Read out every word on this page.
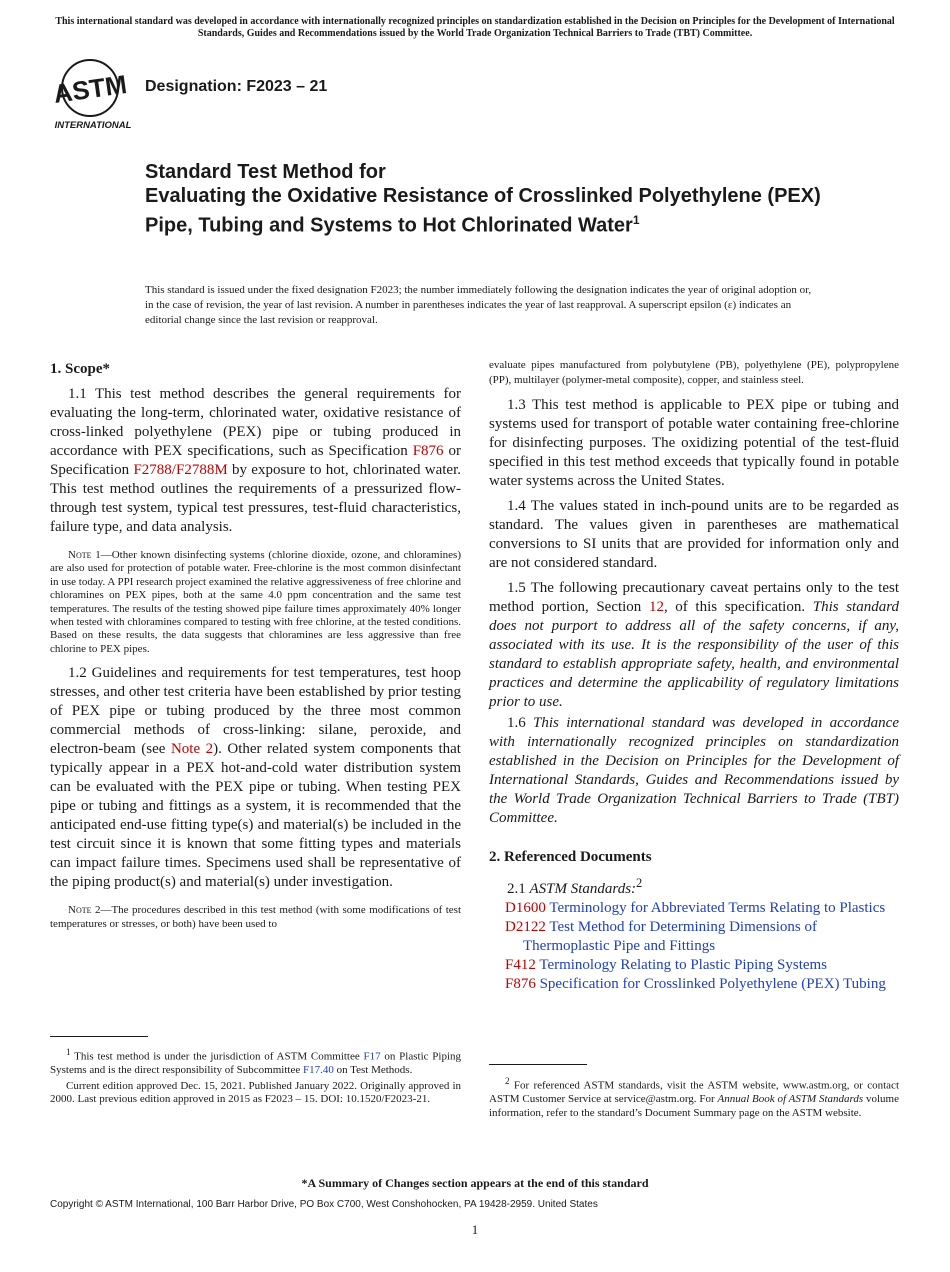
This international standard was developed in accordance with internationally recognized principles on standardization established in the Decision on Principles for the Development of International Standards, Guides and Recommendations issued by the World Trade Organization Technical Barriers to Trade (TBT) Committee.
ASTM
INTERNATIONAL
Designation: F2023 – 21
Standard Test Method for
Evaluating the Oxidative Resistance of Crosslinked Polyethylene (PEX) Pipe, Tubing and Systems to Hot Chlorinated Water$^1$
This standard is issued under the fixed designation F2023; the number immediately following the designation indicates the year of original adoption or, in the case of revision, the year of last revision. A number in parentheses indicates the year of last reapproval. A superscript epsilon (ε) indicates an editorial change since the last revision or reapproval.
1. Scope*

1.1 This test method describes the general requirements for evaluating the long-term, chlorinated water, oxidative resistance of cross-linked polyethylene (PEX) pipe or tubing produced in accordance with PEX specifications, such as Specification F876 or Specification F2788/F2788M by exposure to hot, chlorinated water. This test method outlines the requirements of a pressurized flow-through test system, typical test pressures, test-fluid characteristics, failure type, and data analysis.

Note 1—Other known disinfecting systems (chlorine dioxide, ozone, and chloramines) are also used for protection of potable water. Free-chlorine is the most common disinfectant in use today. A PPI research project examined the relative aggressiveness of free chlorine and chloramines on PEX pipes, both at the same 4.0 ppm concentration and the same test temperatures. The results of the testing showed pipe failure times approximately 40% longer when tested with chloramines compared to testing with free chlorine, at the tested conditions. Based on these results, the data suggests that chloramines are less aggressive than free chlorine to PEX pipes.

1.2 Guidelines and requirements for test temperatures, test hoop stresses, and other test criteria have been established by prior testing of PEX pipe or tubing produced by the three most common commercial methods of cross-linking: silane, peroxide, and electron-beam (see Note 2). Other related system components that typically appear in a PEX hot-and-cold water distribution system can be evaluated with the PEX pipe or tubing. When testing PEX pipe or tubing and fittings as a system, it is recommended that the anticipated end-use fitting type(s) and material(s) be included in the test circuit since it is known that some fitting types and materials can impact failure times. Specimens used shall be representative of the piping product(s) and material(s) under investigation.

Note 2—The procedures described in this test method (with some modifications of test temperatures or stresses, or both) have been used to

$^1$ This test method is under the jurisdiction of ASTM Committee F17 on Plastic Piping Systems and is the direct responsibility of Subcommittee F17.40 on Test Methods.

Current edition approved Dec. 15, 2021. Published January 2022. Originally approved in 2000. Last previous edition approved in 2015 as F2023 – 15. DOI: 10.1520/F2023-21.

evaluate pipes manufactured from polybutylene (PB), polyethylene (PE), polypropylene (PP), multilayer (polymer-metal composite), copper, and stainless steel.

1.3 This test method is applicable to PEX pipe or tubing and systems used for transport of potable water containing free-chlorine for disinfecting purposes. The oxidizing potential of the test-fluid specified in this test method exceeds that typically found in potable water systems across the United States.

1.4 The values stated in inch-pound units are to be regarded as standard. The values given in parentheses are mathematical conversions to SI units that are provided for information only and are not considered standard.

1.5 The following precautionary caveat pertains only to the test method portion, Section 12, of this specification. This standard does not purport to address all of the safety concerns, if any, associated with its use. It is the responsibility of the user of this standard to establish appropriate safety, health, and environmental practices and determine the applicability of regulatory limitations prior to use.

1.6 This international standard was developed in accordance with internationally recognized principles on standardization established in the Decision on Principles for the Development of International Standards, Guides and Recommendations issued by the World Trade Organization Technical Barriers to Trade (TBT) Committee.

2. Referenced Documents

2.1 ASTM Standards:$^2$

D1600 Terminology for Abbreviated Terms Relating to Plastics

D2122 Test Method for Determining Dimensions of Thermoplastic Pipe and Fittings

F412 Terminology Relating to Plastic Piping Systems

F876 Specification for Crosslinked Polyethylene (PEX) Tubing

$^2$ For referenced ASTM standards, visit the ASTM website, www.astm.org, or contact ASTM Customer Service at service@astm.org. For Annual Book of ASTM Standards volume information, refer to the standard’s Document Summary page on the ASTM website.

*A Summary of Changes section appears at the end of this standard
Copyright © ASTM International, 100 Barr Harbor Drive, PO Box C700, West Conshohocken, PA 19428-2959. United States
1
